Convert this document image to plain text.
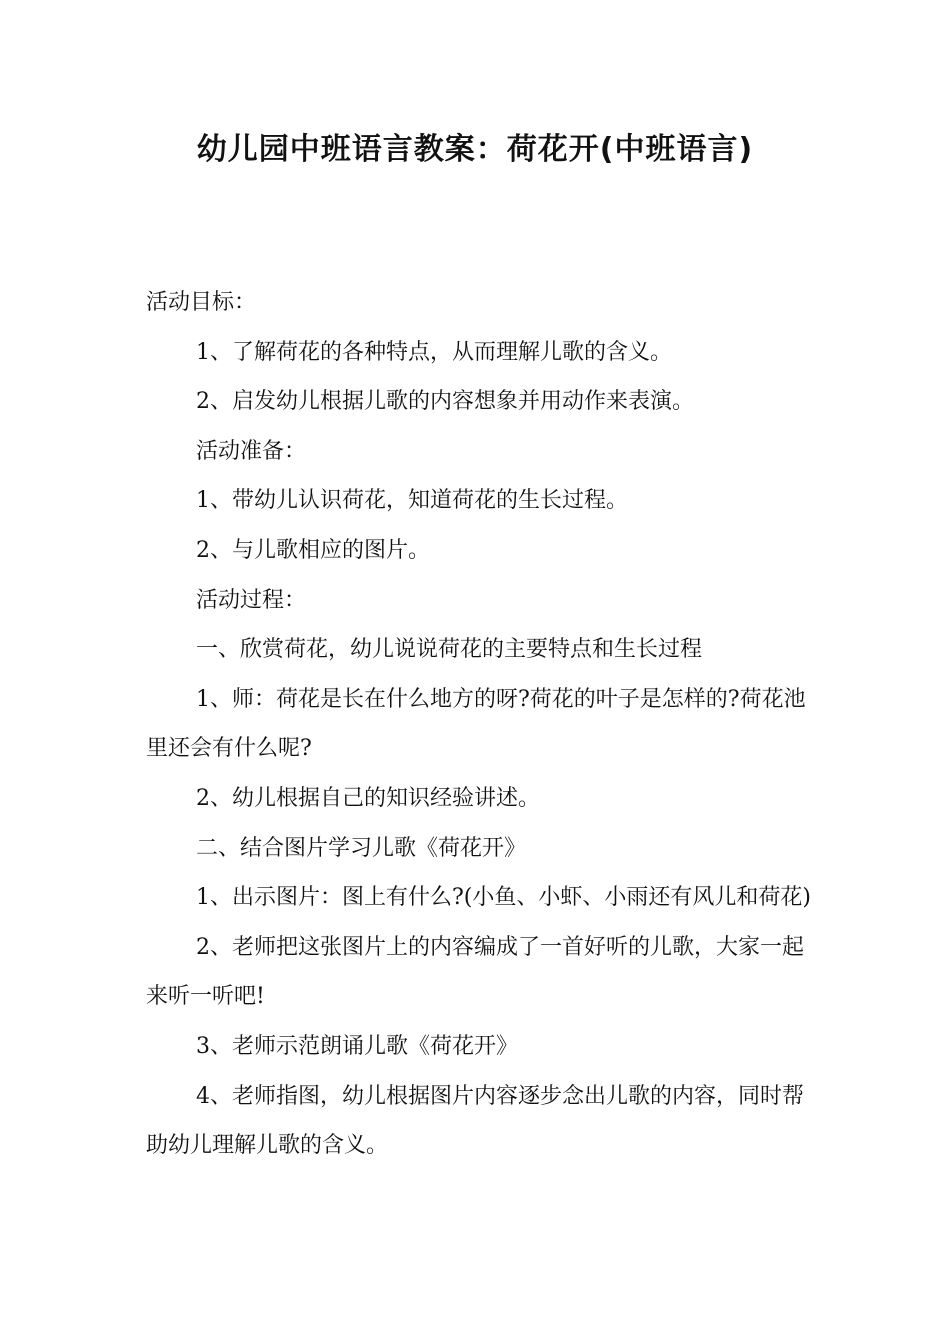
幼儿园中班语言教案：荷花开(中班语言)

活动目标：

1、了解荷花的各种特点，从而理解儿歌的含义。

2、启发幼儿根据儿歌的内容想象并用动作来表演。

活动准备：

1、带幼儿认识荷花，知道荷花的生长过程。

2、与儿歌相应的图片。

活动过程：

一、欣赏荷花，幼儿说说荷花的主要特点和生长过程

1、师：荷花是长在什么地方的呀?荷花的叶子是怎样的?荷花池里还会有什么呢?

2、幼儿根据自己的知识经验讲述。

二、结合图片学习儿歌《荷花开》

1、出示图片：图上有什么?(小鱼、小虾、小雨还有风儿和荷花)

2、老师把这张图片上的内容编成了一首好听的儿歌，大家一起来听一听吧!

3、老师示范朗诵儿歌《荷花开》

4、老师指图，幼儿根据图片内容逐步念出儿歌的内容，同时帮助幼儿理解儿歌的含义。
